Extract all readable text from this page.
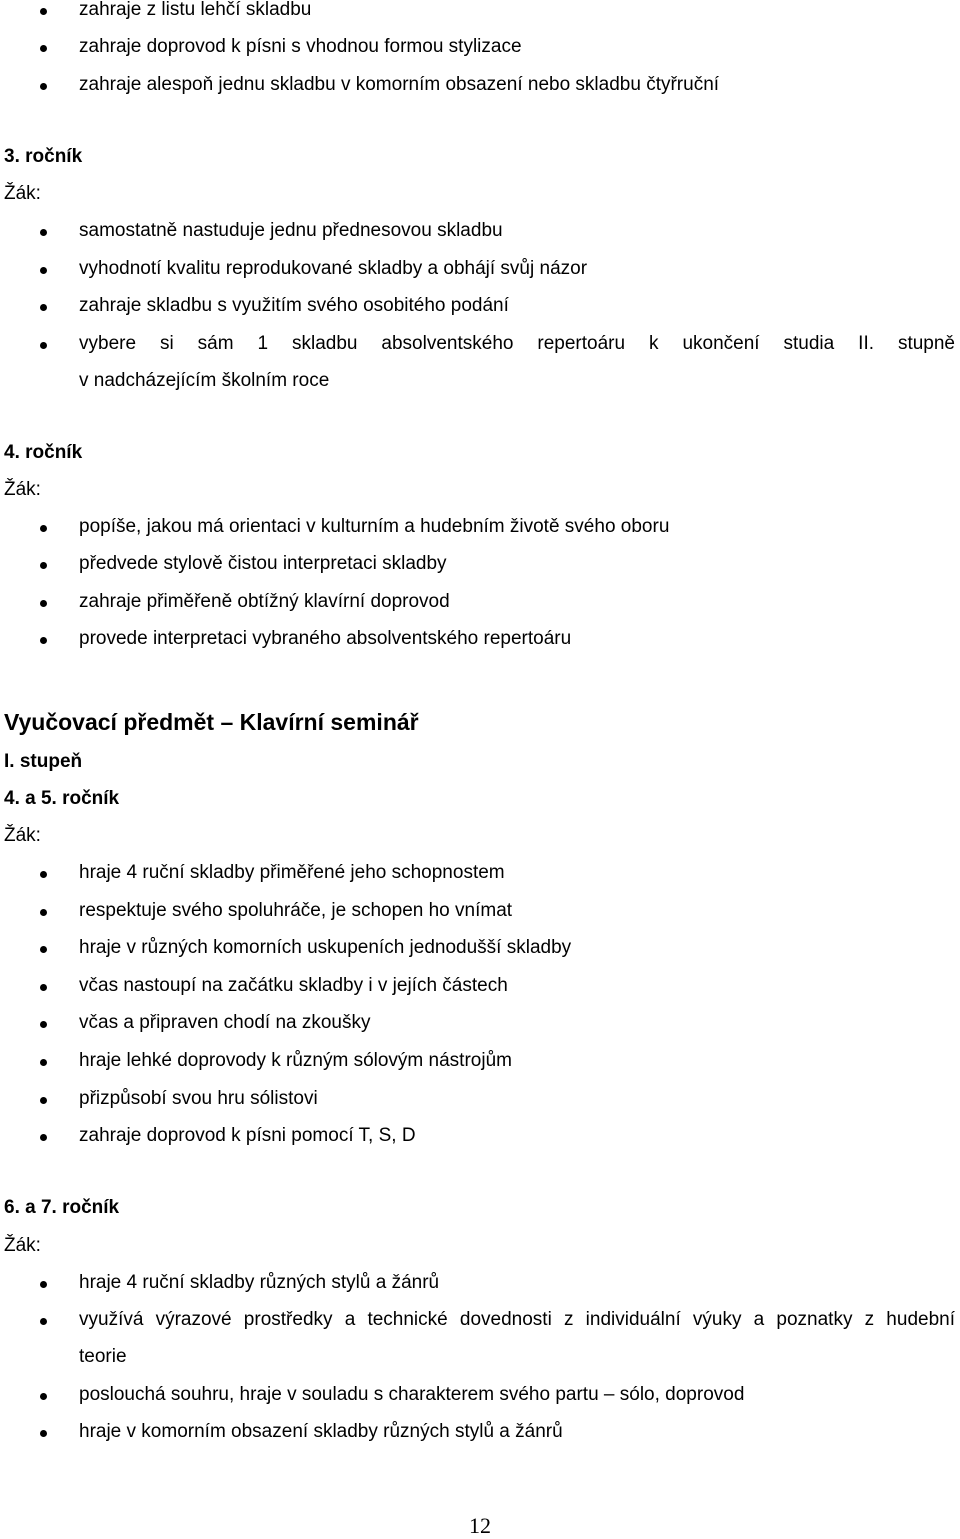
zahraje z listu lehčí skladbu
zahraje doprovod k písni s vhodnou formou stylizace
zahraje alespoň jednu skladbu v komorním obsazení nebo skladbu čtyřruční
3. ročník
Žák:
samostatně nastuduje jednu přednesovou skladbu
vyhodnotí kvalitu reprodukované skladby a obhájí svůj názor
zahraje skladbu s využitím svého osobitého podání
vybere si sám 1 skladbu absolventského repertoáru k ukončení studia II. stupně
v nadcházejícím školním roce
4. ročník
Žák:
popíše, jakou má orientaci v kulturním a hudebním životě svého oboru
předvede stylově čistou interpretaci skladby
zahraje přiměřeně obtížný klavírní doprovod
provede interpretaci vybraného absolventského repertoáru
Vyučovací předmět – Klavírní seminář
I. stupeň
4. a 5. ročník
Žák:
hraje 4 ruční skladby přiměřené jeho schopnostem
respektuje svého spoluhráče, je schopen ho vnímat
hraje v různých komorních uskupeních jednodušší skladby
včas nastoupí na začátku skladby i v jejích částech
včas a připraven chodí na zkoušky
hraje lehké doprovody k různým sólovým nástrojům
přizpůsobí svou hru sólistovi
zahraje doprovod k písni pomocí T, S, D
6. a 7. ročník
Žák:
hraje 4 ruční skladby různých stylů a žánrů
využívá výrazové prostředky a technické dovednosti z individuální výuky a poznatky z hudební
teorie
poslouchá souhru, hraje v souladu s charakterem svého partu – sólo, doprovod
hraje v komorním obsazení skladby různých stylů a žánrů
12
